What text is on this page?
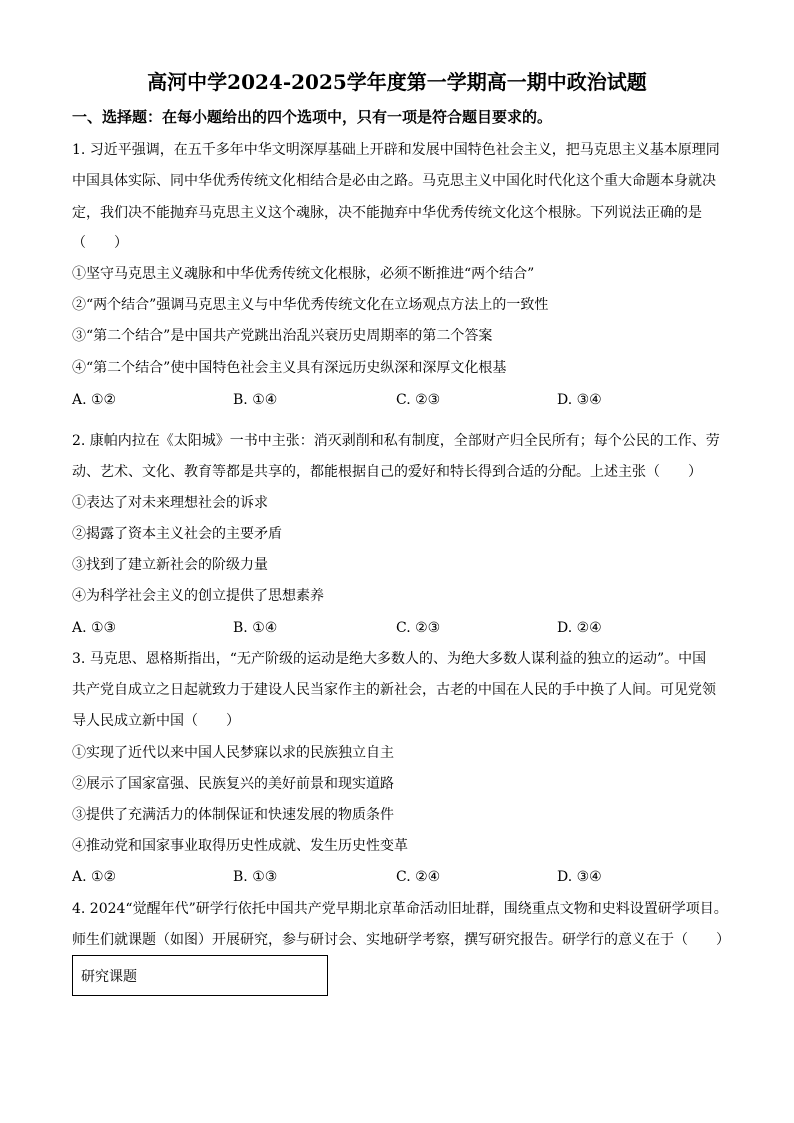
高河中学2024-2025学年度第一学期高一期中政治试题
一、选择题：在每小题给出的四个选项中，只有一项是符合题目要求的。
1. 习近平强调，在五千多年中华文明深厚基础上开辟和发展中国特色社会主义，把马克思主义基本原理同
中国具体实际、同中华优秀传统文化相结合是必由之路。马克思主义中国化时代化这个重大命题本身就决
定，我们决不能抛弃马克思主义这个魂脉，决不能抛弃中华优秀传统文化这个根脉。下列说法正确的是
（　　）
①坚守马克思主义魂脉和中华优秀传统文化根脉，必须不断推进“两个结合”
②“两个结合”强调马克思主义与中华优秀传统文化在立场观点方法上的一致性
③“第二个结合”是中国共产党跳出治乱兴衰历史周期率的第二个答案
④“第二个结合”使中国特色社会主义具有深远历史纵深和深厚文化根基
A. ①②	B. ①④	C. ②③	D. ③④
2. 康帕内拉在《太阳城》一书中主张：消灭剥削和私有制度，全部财产归全民所有；每个公民的工作、劳
动、艺术、文化、教育等都是共享的，都能根据自己的爱好和特长得到合适的分配。上述主张（　　）
①表达了对未来理想社会的诉求
②揭露了资本主义社会的主要矛盾
③找到了建立新社会的阶级力量
④为科学社会主义的创立提供了思想素养
A. ①③	B. ①④	C. ②③	D. ②④
3. 马克思、恩格斯指出，“无产阶级的运动是绝大多数人的、为绝大多数人谋利益的独立的运动”。中国
共产党自成立之日起就致力于建设人民当家作主的新社会，古老的中国在人民的手中换了人间。可见党领
导人民成立新中国（　　）
①实现了近代以来中国人民梦寐以求的民族独立自主
②展示了国家富强、民族复兴的美好前景和现实道路
③提供了充满活力的体制保证和快速发展的物质条件
④推动党和国家事业取得历史性成就、发生历史性变革
A. ①②	B. ①③	C. ②④	D. ③④
4. 2024“觉醒年代”研学行依托中国共产党早期北京革命活动旧址群，围绕重点文物和史料设置研学项目。
师生们就课题（如图）开展研究，参与研讨会、实地研学考察，撰写研究报告。研学行的意义在于（　　）
研究课题
